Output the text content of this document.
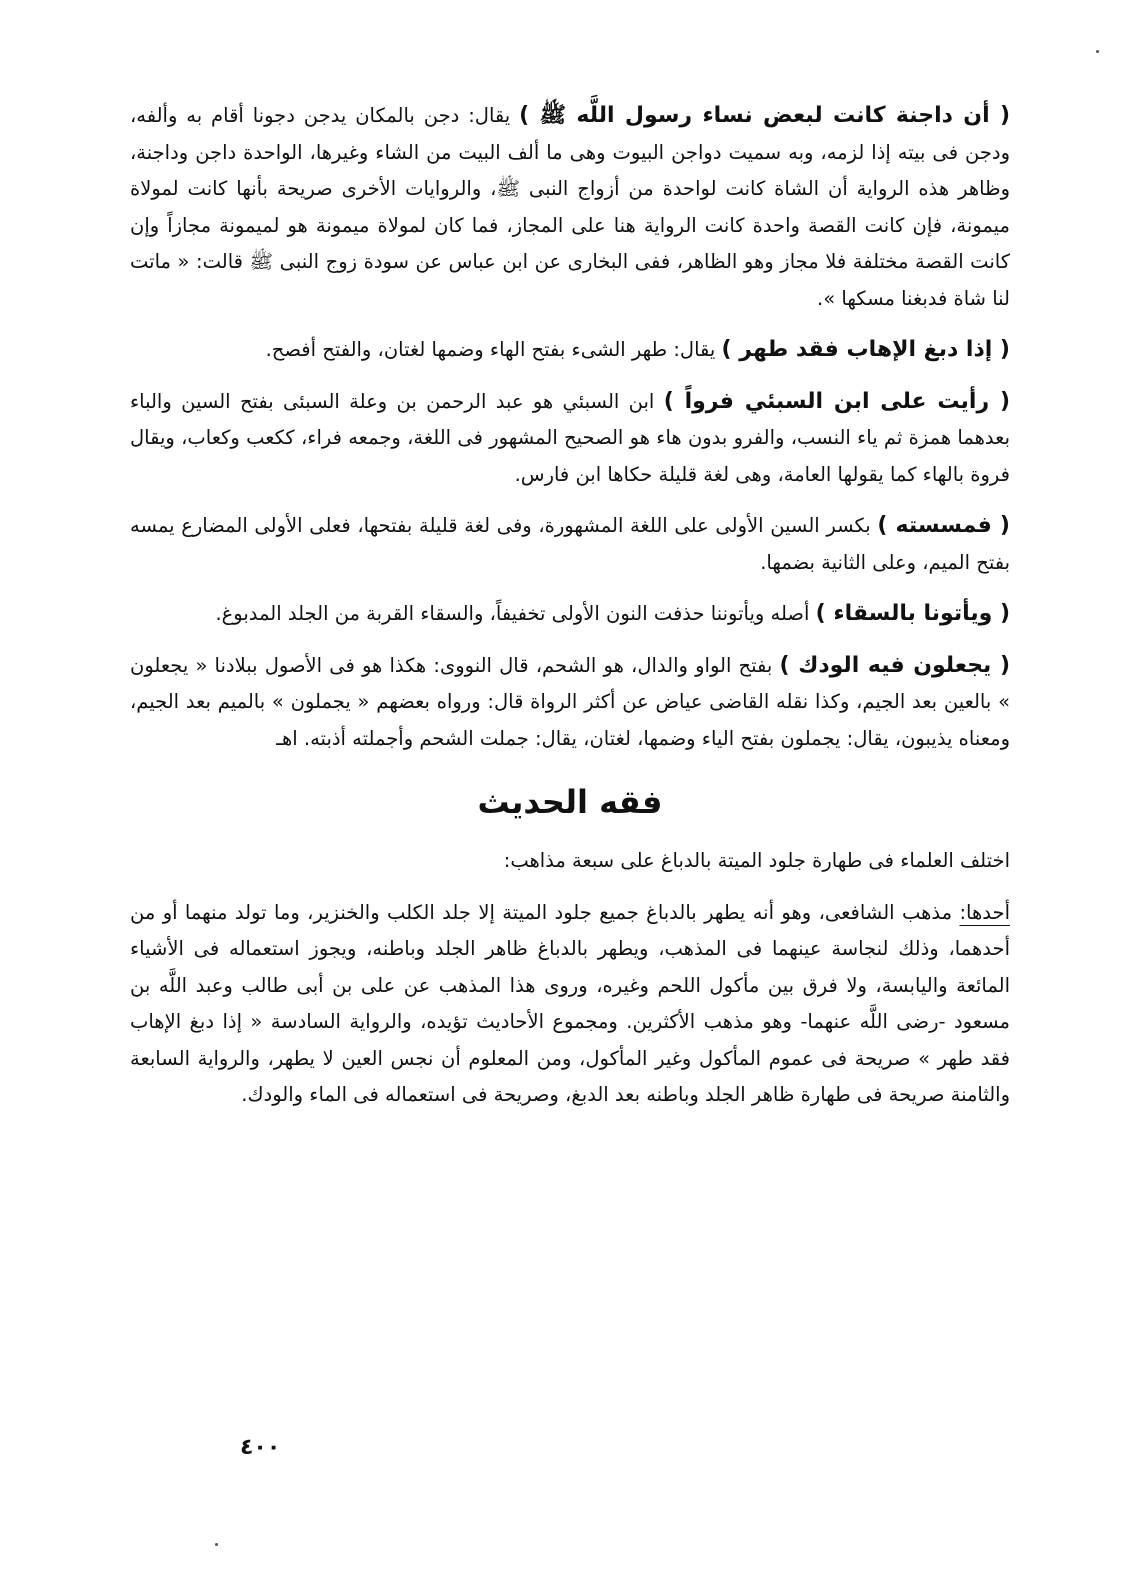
( أن داجنة كانت لبعض نساء رسول اللَّه ﷺ ) يقال: دجن بالمكان يدجن دجونا أقام به وألفه، ودجن فى بيته إذا لزمه، وبه سميت دواجن البيوت وهى ما ألف البيت من الشاء وغيرها، الواحدة داجن وداجنة، وظاهر هذه الرواية أن الشاة كانت لواحدة من أزواج النبى ﷺ، والروايات الأخرى صريحة بأنها كانت لمولاة ميمونة، فإن كانت القصة واحدة كانت الرواية هنا على المجاز، فما كان لمولاة ميمونة هو لميمونة مجازاً وإن كانت القصة مختلفة فلا مجاز وهو الظاهر، ففى البخارى عن ابن عباس عن سودة زوج النبى ﷺ قالت: « ماتت لنا شاة فدبغنا مسكها ».

( إذا دبغ الإهاب فقد طهر ) يقال: طهر الشىء بفتح الهاء وضمها لغتان، والفتح أفصح.

( رأيت على ابن السبئي فرواً ) ابن السبئي هو عبد الرحمن بن وعلة السبئى بفتح السين والباء بعدهما همزة ثم ياء النسب، والفرو بدون هاء هو الصحيح المشهور فى اللغة، وجمعه فراء، ككعب وكعاب، ويقال فروة بالهاء كما يقولها العامة، وهى لغة قليلة حكاها ابن فارس.

( فمسسته ) بكسر السين الأولى على اللغة المشهورة، وفى لغة قليلة بفتحها، فعلى الأولى المضارع يمسه بفتح الميم، وعلى الثانية بضمها.

( ويأتونا بالسقاء ) أصله ويأتوننا حذفت النون الأولى تخفيفاً، والسقاء القربة من الجلد المدبوغ.

( يجعلون فيه الودك ) بفتح الواو والدال، هو الشحم، قال النووى: هكذا هو فى الأصول ببلادنا « يجعلون » بالعين بعد الجيم، وكذا نقله القاضى عياض عن أكثر الرواة قال: ورواه بعضهم « يجملون » بالميم بعد الجيم، ومعناه يذيبون، يقال: يجملون بفتح الياء وضمها، لغتان، يقال: جملت الشحم وأجملته أذبته. اهـ

فقه الحديث

اختلف العلماء فى طهارة جلود الميتة بالدباغ على سبعة مذاهب:

أحدها: مذهب الشافعى، وهو أنه يطهر بالدباغ جميع جلود الميتة إلا جلد الكلب والخنزير، وما تولد منهما أو من أحدهما، وذلك لنجاسة عينهما فى المذهب، ويطهر بالدباغ ظاهر الجلد وباطنه، ويجوز استعماله فى الأشياء المائعة واليابسة، ولا فرق بين مأكول اللحم وغيره، وروى هذا المذهب عن على بن أبى طالب وعبد اللَّه بن مسعود -رضى اللَّه عنهما- وهو مذهب الأكثرين. ومجموع الأحاديث تؤيده، والرواية السادسة « إذا دبغ الإهاب فقد طهر » صريحة فى عموم المأكول وغير المأكول، ومن المعلوم أن نجس العين لا يطهر، والرواية السابعة والثامنة صريحة فى طهارة ظاهر الجلد وباطنه بعد الدبغ، وصريحة فى استعماله فى الماء والودك.

٤٠٠
